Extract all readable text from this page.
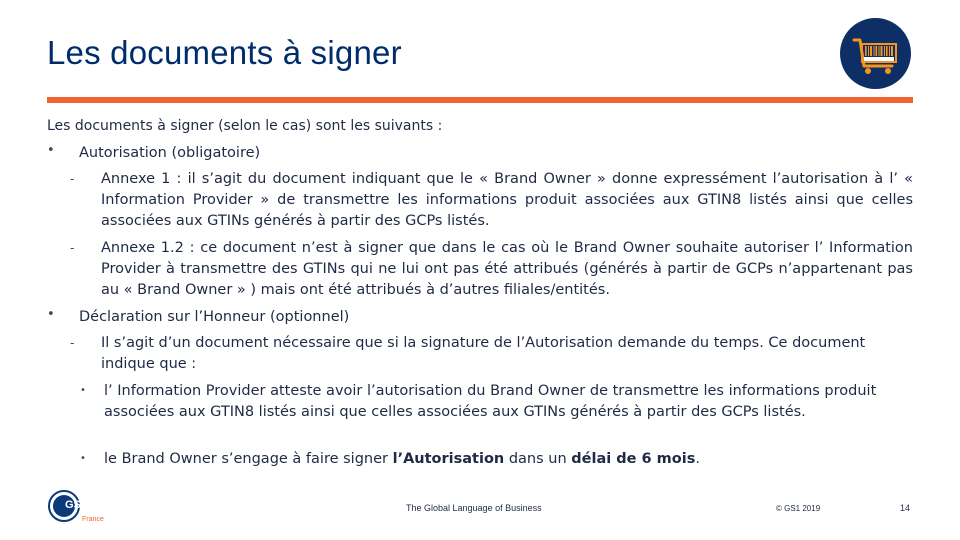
Les documents à signer

Les documents à signer (selon le cas) sont les suivants :

• Autorisation (obligatoire)

- Annexe 1 : il s’agit du document indiquant que le « Brand Owner » donne expressément l’autorisation à l’ « Information Provider » de transmettre les informations produit associées aux GTIN8 listés ainsi que celles associées aux GTINs générés à partir des GCPs listés.

- Annexe 1.2 : ce document n’est à signer que dans le cas où le Brand Owner souhaite autoriser l’ Information Provider à transmettre des GTINs qui ne lui ont pas été attribués (générés à partir de GCPs n’appartenant pas au « Brand Owner » ) mais ont été attribués à d’autres filiales/entités.

• Déclaration sur l’Honneur (optionnel)

- Il s’agit d’un document nécessaire que si la signature de l’Autorisation demande du temps. Ce document indique que :

• l’ Information Provider atteste avoir l’autorisation du Brand Owner de transmettre les informations produit associées aux GTIN8 listés ainsi que celles associées aux GTINs générés à partir des GCPs listés.

• le Brand Owner s’engage à faire signer l’Autorisation dans un délai de 6 mois.

GS1
France
The Global Language of Business	© GS1 2019	14
